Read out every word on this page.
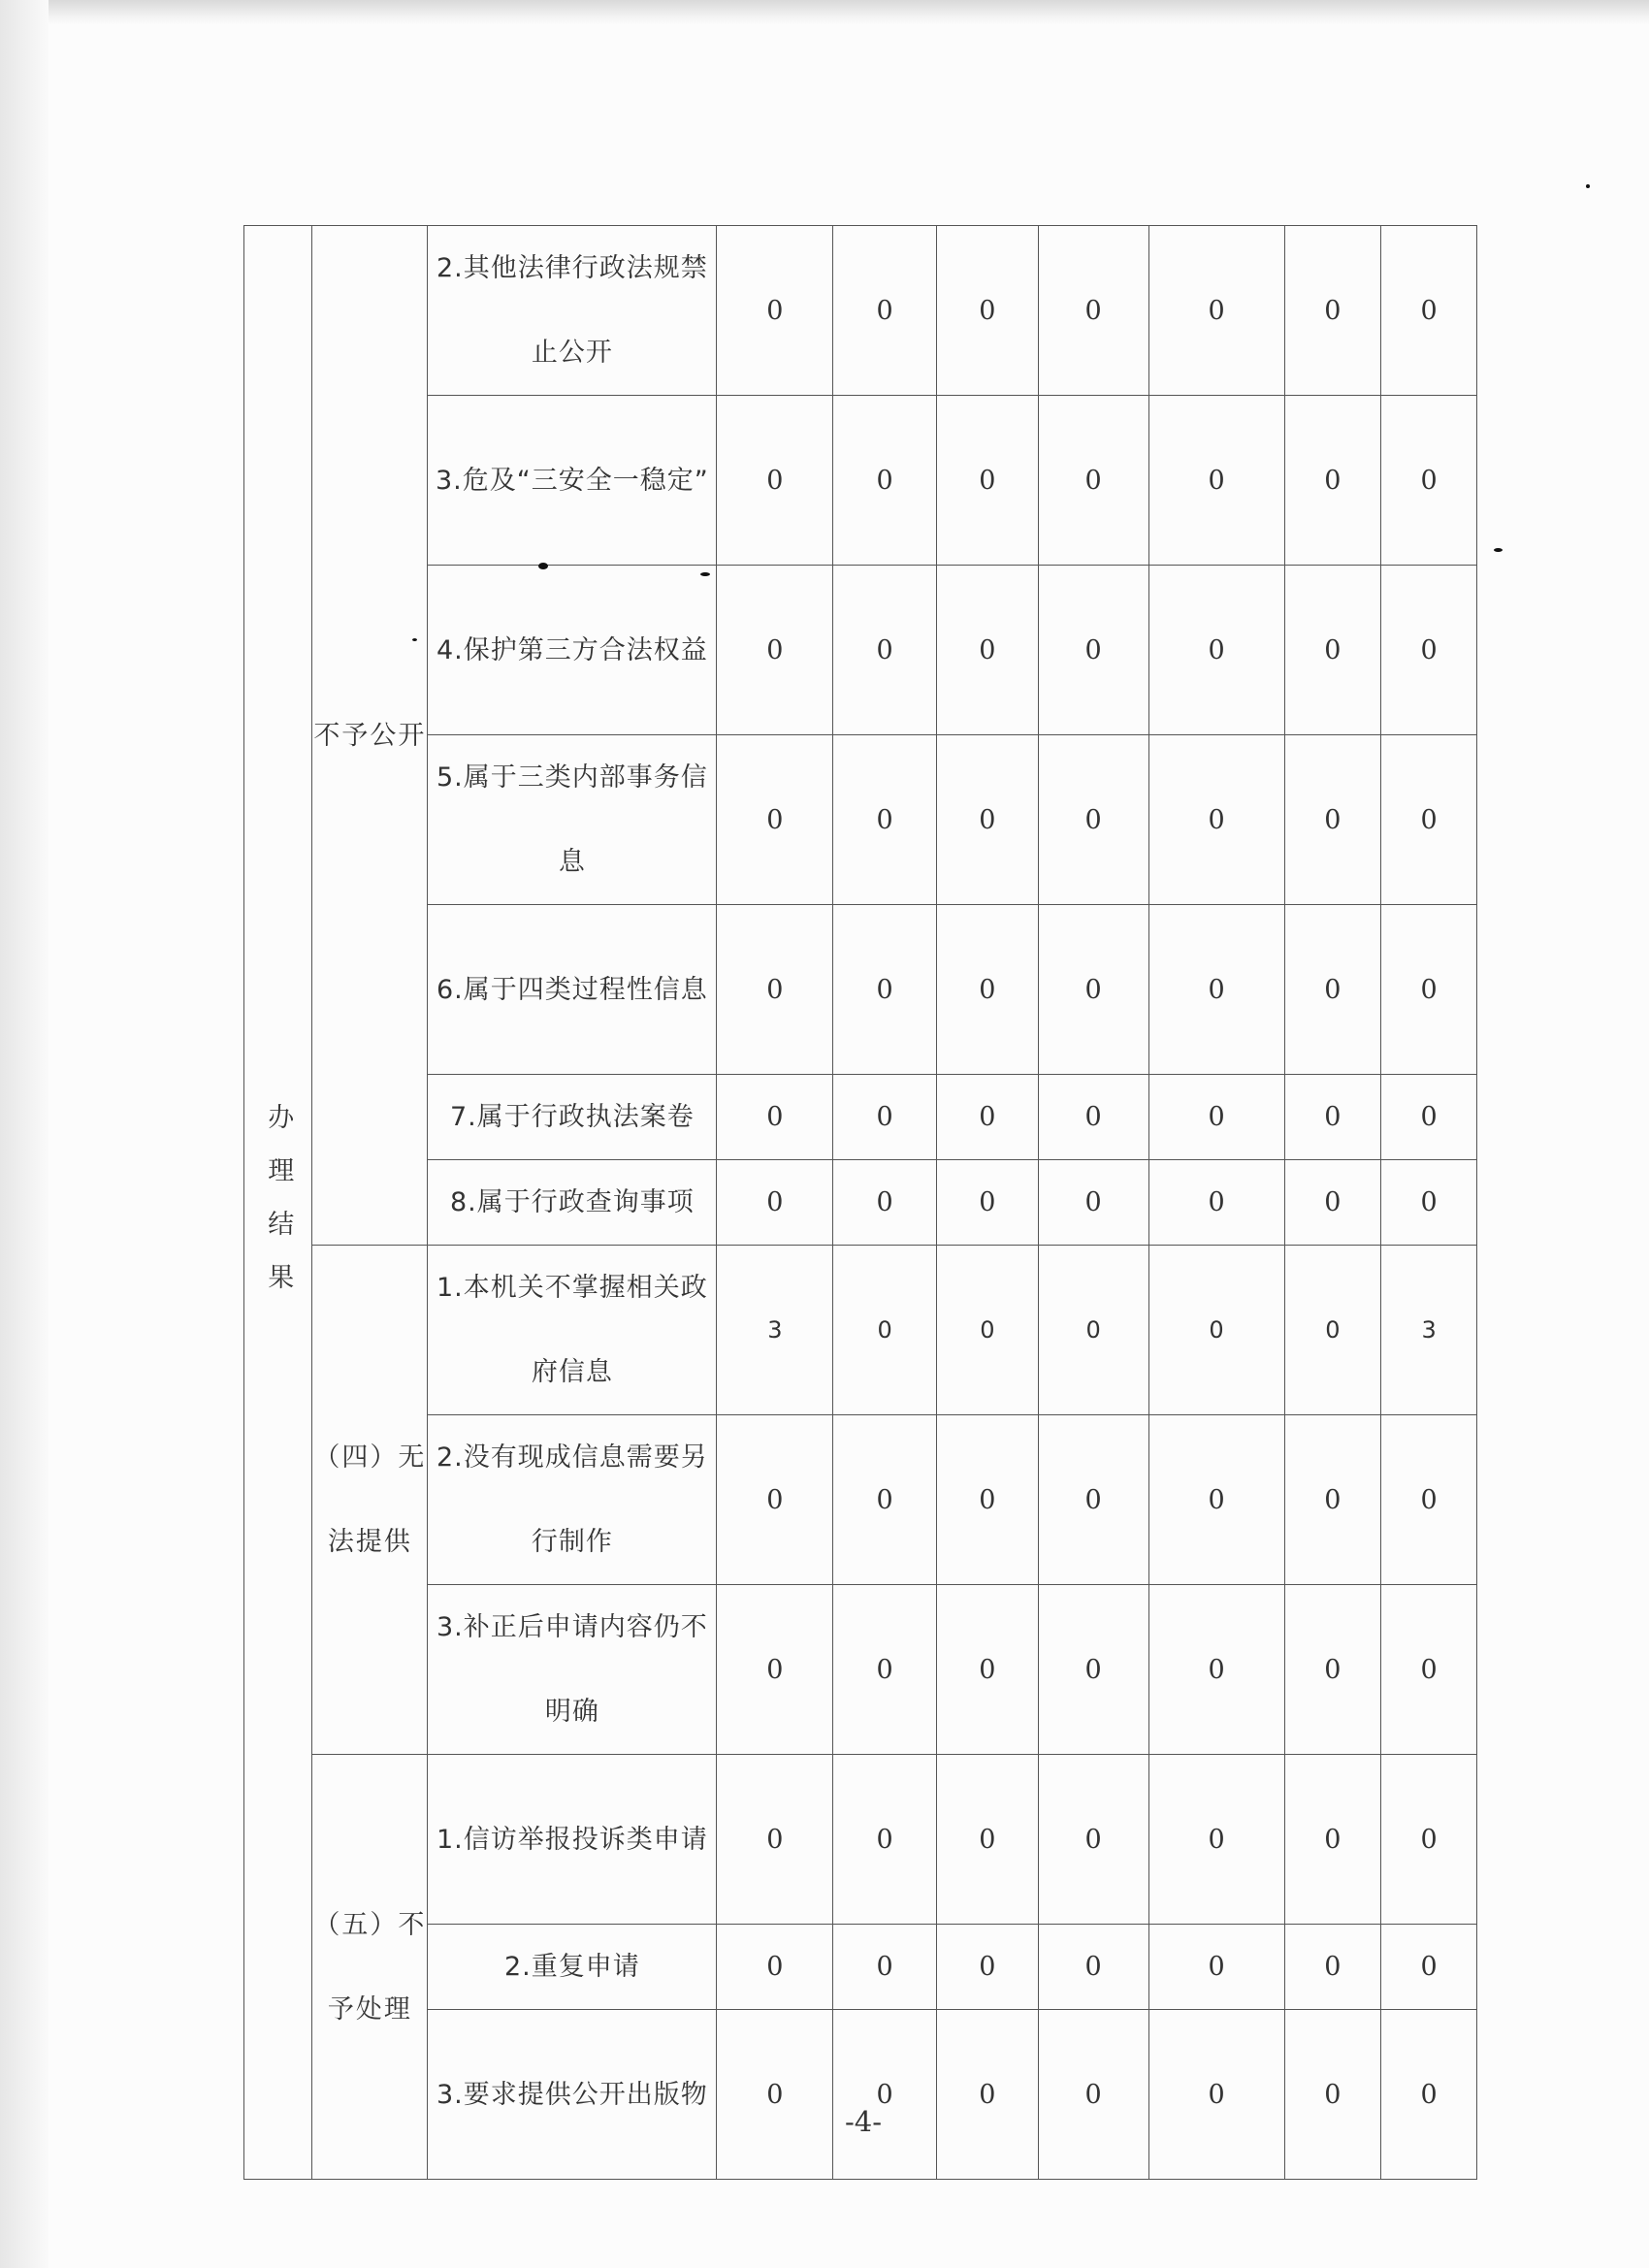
办理结果	不予公开	2.其他法律行政法规禁止公开	0	0	0	0	0	0	0
		3.危及“三安全一稳定”	0	0	0	0	0	0	0
		4.保护第三方合法权益	0	0	0	0	0	0	0
		5.属于三类内部事务信息	0	0	0	0	0	0	0
		6.属于四类过程性信息	0	0	0	0	0	0	0
		7.属于行政执法案卷	0	0	0	0	0	0	0
		8.属于行政查询事项	0	0	0	0	0	0	0
	（四）无法提供	1.本机关不掌握相关政府信息	3	0	0	0	0	0	3
		2.没有现成信息需要另行制作	0	0	0	0	0	0	0
		3.补正后申请内容仍不明确	0	0	0	0	0	0	0
	（五）不予处理	1.信访举报投诉类申请	0	0	0	0	0	0	0
		2.重复申请	0	0	0	0	0	0	0
		3.要求提供公开出版物	0	0	0	0	0	0	0
-4-
